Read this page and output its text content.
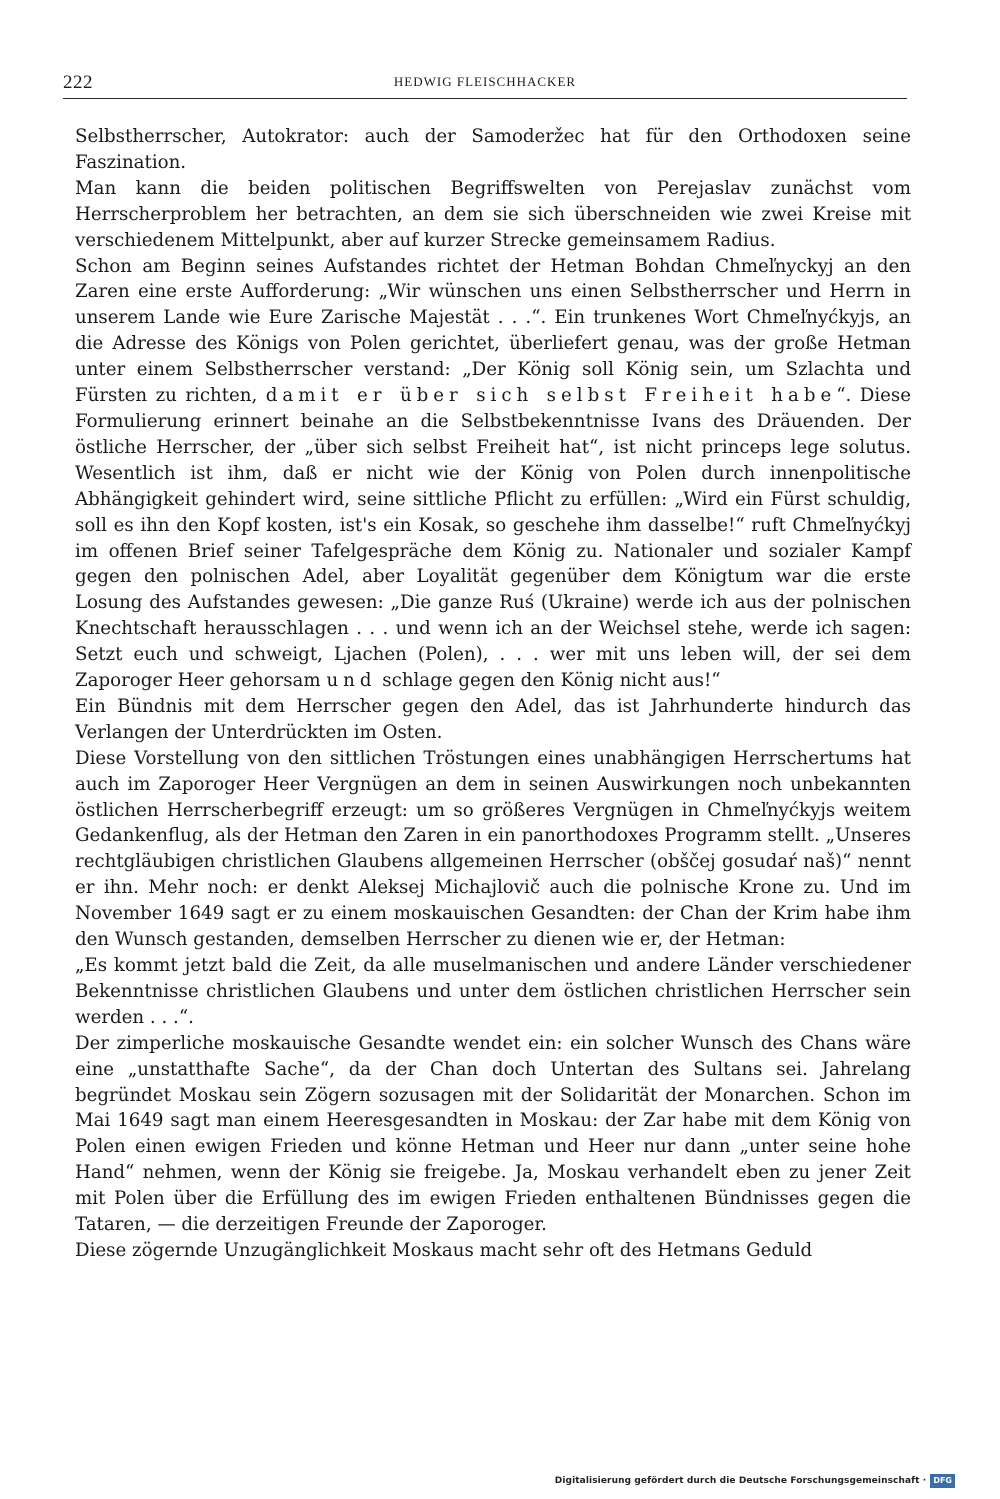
222	HEDWIG FLEISCHHACKER

Selbstherrscher, Autokrator: auch der Samoderžec hat für den Orthodoxen seine Faszination.

Man kann die beiden politischen Begriffswelten von Perejaslav zunächst vom Herrscherproblem her betrachten, an dem sie sich überschneiden wie zwei Kreise mit verschiedenem Mittelpunkt, aber auf kurzer Strecke gemeinsamem Radius.

Schon am Beginn seines Aufstandes richtet der Hetman Bohdan Chmeľnyckyj an den Zaren eine erste Aufforderung: „Wir wünschen uns einen Selbstherrscher und Herrn in unserem Lande wie Eure Zarische Majestät . . .“. Ein trunkenes Wort Chmeľnyćkyjs, an die Adresse des Königs von Polen gerichtet, überliefert genau, was der große Hetman unter einem Selbstherrscher verstand: „Der König soll König sein, um Szlachta und Fürsten zu richten, damit er über sich selbst Freiheit habe“. Diese Formulierung erinnert beinahe an die Selbstbekenntnisse Ivans des Dräuenden. Der östliche Herrscher, der „über sich selbst Freiheit hat“, ist nicht princeps lege solutus. Wesentlich ist ihm, daß er nicht wie der König von Polen durch innenpolitische Abhängigkeit gehindert wird, seine sittliche Pflicht zu erfüllen: „Wird ein Fürst schuldig, soll es ihn den Kopf kosten, ist's ein Kosak, so geschehe ihm dasselbe!“ ruft Chmeľnyćkyj im offenen Brief seiner Tafelgespräche dem König zu. Nationaler und sozialer Kampf gegen den polnischen Adel, aber Loyalität gegenüber dem Königtum war die erste Losung des Aufstandes gewesen: „Die ganze Ruś (Ukraine) werde ich aus der polnischen Knechtschaft herausschlagen . . . und wenn ich an der Weichsel stehe, werde ich sagen: Setzt euch und schweigt, Ljachen (Polen), . . . wer mit uns leben will, der sei dem Zaporoger Heer gehorsam und schlage gegen den König nicht aus!“

Ein Bündnis mit dem Herrscher gegen den Adel, das ist Jahrhunderte hindurch das Verlangen der Unterdrückten im Osten.

Diese Vorstellung von den sittlichen Tröstungen eines unabhängigen Herrschertums hat auch im Zaporoger Heer Vergnügen an dem in seinen Auswirkungen noch unbekannten östlichen Herrscherbegriff erzeugt: um so größeres Vergnügen in Chmeľnyćkyjs weitem Gedankenflug, als der Hetman den Zaren in ein panorthodoxes Programm stellt. „Unseres rechtgläubigen christlichen Glaubens allgemeinen Herrscher (obščej gosudaŕ naš)“ nennt er ihn. Mehr noch: er denkt Aleksej Michajlovič auch die polnische Krone zu. Und im November 1649 sagt er zu einem moskauischen Gesandten: der Chan der Krim habe ihm den Wunsch gestanden, demselben Herrscher zu dienen wie er, der Hetman:

„Es kommt jetzt bald die Zeit, da alle muselmanischen und andere Länder verschiedener Bekenntnisse christlichen Glaubens und unter dem östlichen christlichen Herrscher sein werden . . .“.

Der zimperliche moskauische Gesandte wendet ein: ein solcher Wunsch des Chans wäre eine „unstatthafte Sache“, da der Chan doch Untertan des Sultans sei. Jahrelang begründet Moskau sein Zögern sozusagen mit der Solidarität der Monarchen. Schon im Mai 1649 sagt man einem Heeresgesandten in Moskau: der Zar habe mit dem König von Polen einen ewigen Frieden und könne Hetman und Heer nur dann „unter seine hohe Hand“ nehmen, wenn der König sie freigebe. Ja, Moskau verhandelt eben zu jener Zeit mit Polen über die Erfüllung des im ewigen Frieden enthaltenen Bündnisses gegen die Tataren, — die derzeitigen Freunde der Zaporoger.

Diese zögernde Unzugänglichkeit Moskaus macht sehr oft des Hetmans Geduld

Digitalisierung gefördert durch die Deutsche Forschungsgemeinschaft · DFG
